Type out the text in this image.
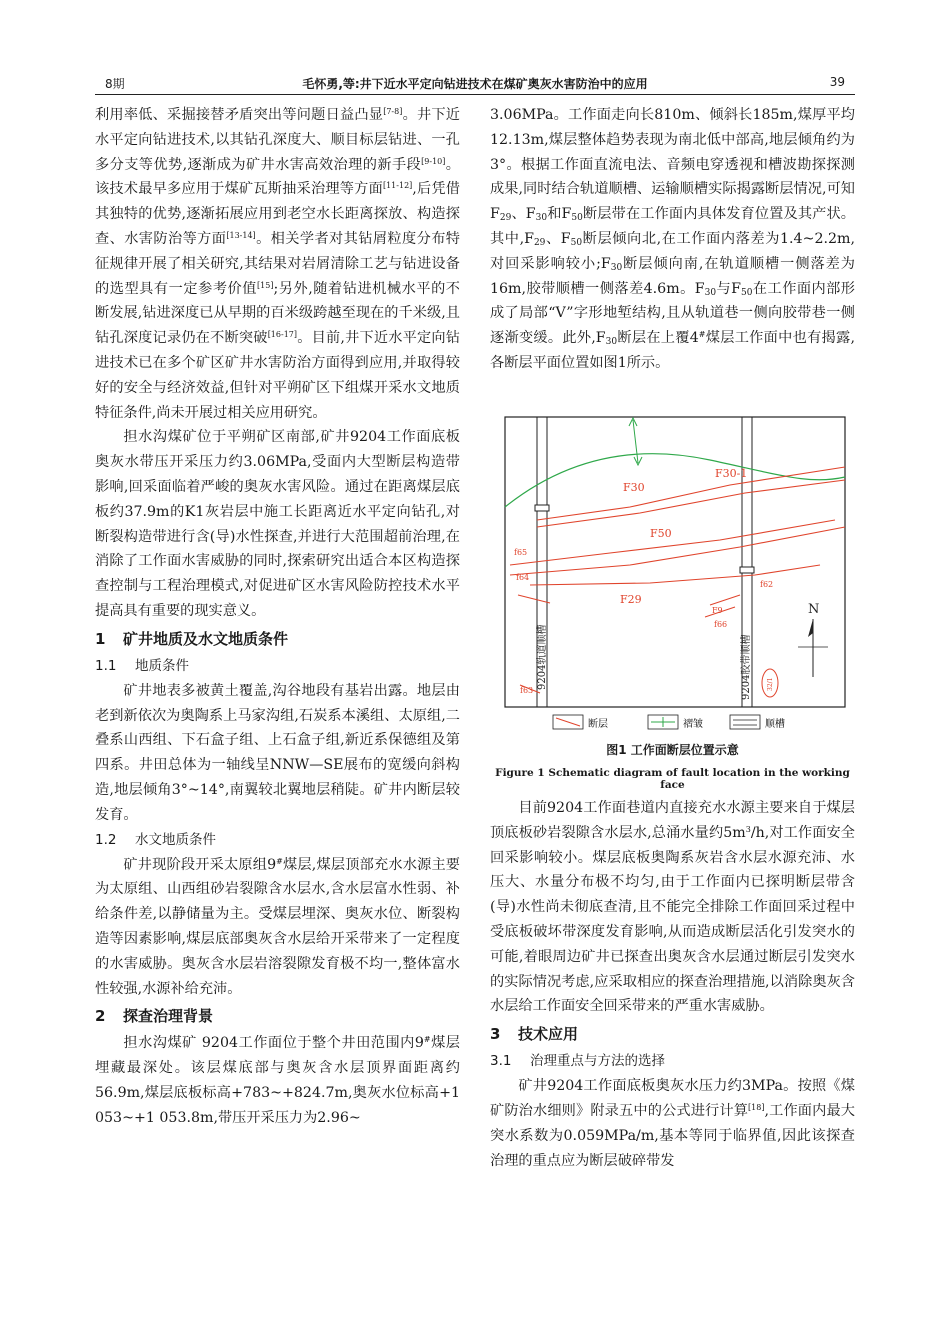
8期	毛怀勇,等:井下近水平定向钻进技术在煤矿奥灰水害防治中的应用	39

利用率低、采掘接替矛盾突出等问题日益凸显[7-8]。井下近水平定向钻进技术,以其钻孔深度大、顺目标层钻进、一孔多分支等优势,逐渐成为矿井水害高效治理的新手段[9-10]。该技术最早多应用于煤矿瓦斯抽采治理等方面[11-12],后凭借其独特的优势,逐渐拓展应用到老空水长距离探放、构造探查、水害防治等方面[13-14]。相关学者对其钻屑粒度分布特征规律开展了相关研究,其结果对岩屑清除工艺与钻进设备的选型具有一定参考价值[15];另外,随着钻进机械水平的不断发展,钻进深度已从早期的百米级跨越至现在的千米级,且钻孔深度记录仍在不断突破[16-17]。目前,井下近水平定向钻进技术已在多个矿区矿井水害防治方面得到应用,并取得较好的安全与经济效益,但针对平朔矿区下组煤开采水文地质特征条件,尚未开展过相关应用研究。

担水沟煤矿位于平朔矿区南部,矿井9204工作面底板奥灰水带压开采压力约3.06MPa,受面内大型断层构造带影响,回采面临着严峻的奥灰水害风险。通过在距离煤层底板约37.9m的K1灰岩层中施工长距离近水平定向钻孔,对断裂构造带进行含(导)水性探查,并进行大范围超前治理,在消除了工作面水害威胁的同时,探索研究出适合本区构造探查控制与工程治理模式,对促进矿区水害风险防控技术水平提高具有重要的现实意义。

1 矿井地质及水文地质条件
1.1 地质条件

矿井地表多被黄土覆盖,沟谷地段有基岩出露。地层由老到新依次为奥陶系上马家沟组,石炭系本溪组、太原组,二叠系山西组、下石盒子组、上石盒子组,新近系保德组及第四系。井田总体为一轴线呈NNW—SE展布的宽缓向斜构造,地层倾角3°~14°,南翼较北翼地层稍陡。矿井内断层较发育。

1.2 水文地质条件

矿井现阶段开采太原组9#煤层,煤层顶部充水水源主要为太原组、山西组砂岩裂隙含水层水,含水层富水性弱、补给条件差,以静储量为主。受煤层埋深、奥灰水位、断裂构造等因素影响,煤层底部奥灰含水层给开采带来了一定程度的水害威胁。奥灰含水层岩溶裂隙发育极不均一,整体富水性较强,水源补给充沛。

2 探查治理背景

担水沟煤矿 9204工作面位于整个井田范围内9#煤层埋藏最深处。该层煤底部与奥灰含水层顶界面距离约56.9m,煤层底板标高+783~+824.7m,奥灰水位标高+1 053~+1 053.8m,带压开采压力为2.96~

3.06MPa。工作面走向长810m、倾斜长185m,煤厚平均12.13m,煤层整体趋势表现为南北低中部高,地层倾角约为3°。根据工作面直流电法、音频电穿透视和槽波勘探探测成果,同时结合轨道顺槽、运输顺槽实际揭露断层情况,可知$F_{29}$、$F_{30}$和$F_{50}$断层带在工作面内具体发育位置及其产状。其中$,F_{29}$、$F_{50}$断层倾向北,在工作面内落差为1.4~2.2m,对回采影响较小$;F_{30}$断层倾向南,在轨道顺槽一侧落差为16m,胶带顺槽一侧落差4.6m。$F_{30}$与$F_{50}$在工作面内部形成了局部“V”字形地堑结构,且从轨道巷一侧向胶带巷一侧逐渐变缓。此外$,F_{30}$断层在上覆4#煤层工作面中也有揭露,各断层平面位置如图1所示。

F30
F30-1
F50
F29
f65
f64
f62
F9
f66
f63
9204轨道顺槽	9204胶带顺槽	32/1
N
断层	褶皱	顺槽
图1 工作面断层位置示意
Figure 1 Schematic diagram of fault location in the working face

目前9204工作面巷道内直接充水水源主要来自于煤层顶底板砂岩裂隙含水层水,总涌水量约$5m^3/h$,对工作面安全回采影响较小。煤层底板奥陶系灰岩含水层水源充沛、水压大、水量分布极不均匀,由于工作面内已探明断层带含(导)水性尚未彻底查清,且不能完全排除工作面回采过程中受底板破坏带深度发育影响,从而造成断层活化引发突水的可能,着眼周边矿井已探查出奥灰含水层通过断层引发突水的实际情况考虑,应采取相应的探查治理措施,以消除奥灰含水层给工作面安全回采带来的严重水害威胁。

3 技术应用
3.1 治理重点与方法的选择

矿井9204工作面底板奥灰水压力约3MPa。按照《煤矿防治水细则》附录五中的公式进行计算[18],工作面内最大突水系数为0.059MPa/m,基本等同于临界值,因此该探查治理的重点应为断层破碎带发
